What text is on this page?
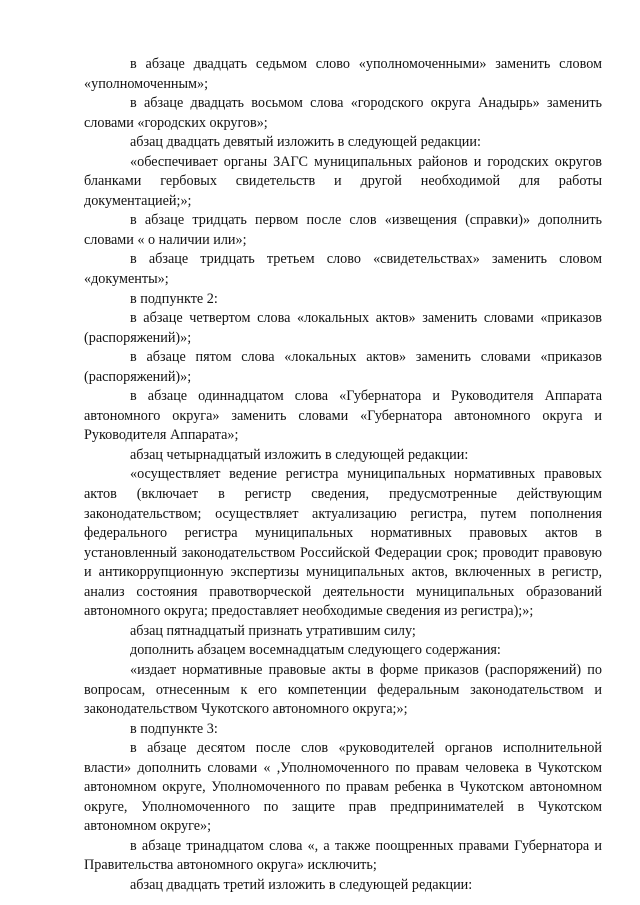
в абзаце двадцать седьмом слово «уполномоченными» заменить словом «уполномоченным»;

в абзаце двадцать восьмом слова «городского округа Анадырь» заменить словами «городских округов»;

абзац двадцать девятый изложить в следующей редакции:

«обеспечивает органы ЗАГС муниципальных районов и городских округов бланками гербовых свидетельств и другой необходимой для работы документацией;»;

в абзаце тридцать первом после слов «извещения (справки)» дополнить словами « о наличии или»;

в абзаце тридцать третьем слово «свидетельствах» заменить словом «документы»;

в подпункте 2:

в абзаце четвертом слова «локальных актов» заменить словами «приказов (распоряжений)»;

в абзаце пятом слова «локальных актов» заменить словами «приказов (распоряжений)»;

в абзаце одиннадцатом слова «Губернатора и Руководителя Аппарата автономного округа» заменить словами «Губернатора автономного округа и Руководителя Аппарата»;

абзац четырнадцатый изложить в следующей редакции:

«осуществляет ведение регистра муниципальных нормативных правовых актов (включает в регистр сведения, предусмотренные действующим законодательством; осуществляет актуализацию регистра, путем пополнения федерального регистра муниципальных нормативных правовых актов в установленный законодательством Российской Федерации срок; проводит правовую и антикоррупционную экспертизы муниципальных актов, включенных в регистр, анализ состояния правотворческой деятельности муниципальных образований автономного округа; предоставляет необходимые сведения из регистра);»;

абзац пятнадцатый признать утратившим силу;

дополнить абзацем восемнадцатым следующего содержания:

«издает нормативные правовые акты в форме приказов (распоряжений) по вопросам, отнесенным к его компетенции федеральным законодательством и законодательством Чукотского автономного округа;»;

в подпункте 3:

в абзаце десятом после слов «руководителей органов исполнительной власти» дополнить словами « ,Уполномоченного по правам человека в Чукотском автономном округе, Уполномоченного по правам ребенка в Чукотском автономном округе, Уполномоченного по защите прав предпринимателей в Чукотском автономном округе»;

в абзаце тринадцатом слова «, а также поощренных правами Губернатора и Правительства автономного округа» исключить;

абзац двадцать третий изложить в следующей редакции:
